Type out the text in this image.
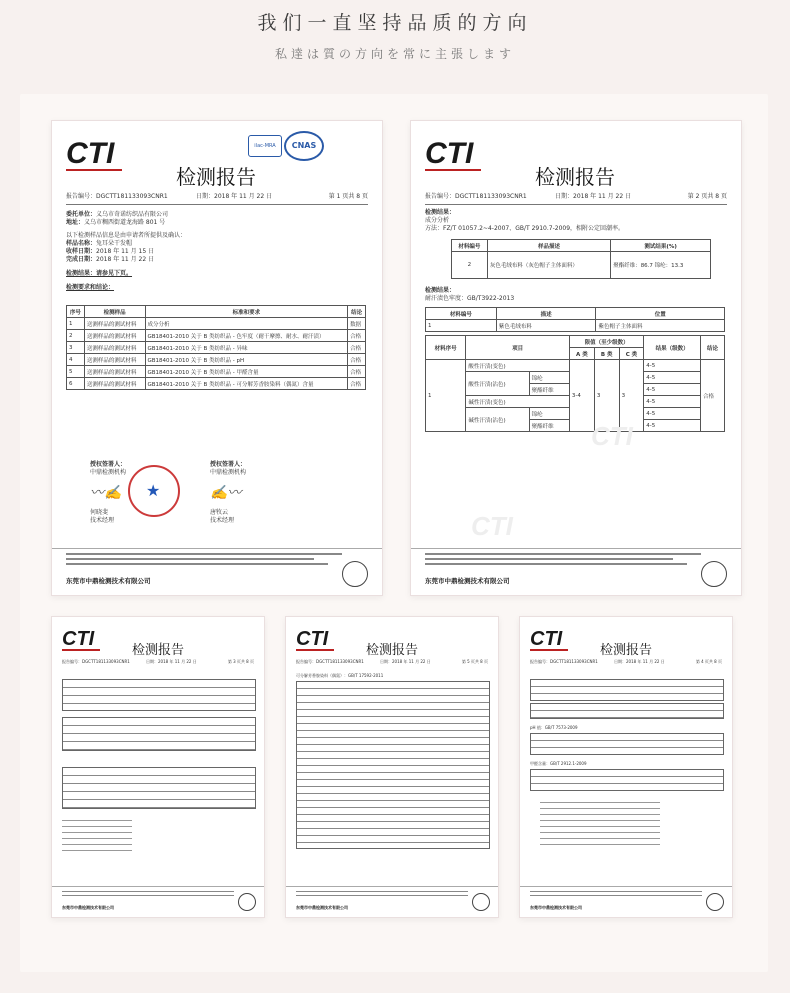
我们一直坚持品质的方向
私達は質の方向を常に主張します
CTI	ilac-MRA	CNAS
检测报告
报告编号：DGCTT181133093CNR1	日期：2018 年 11 月 22 日	第 1 页共 8 页
委托单位：义乌市奇诺纺织品有限公司
地址：义乌市稠西街道龙海路 801 号
以下检测样品信息是由申请者所提供及确认：
样品名称：兔耳朵干发帽
收样日期：2018 年 11 月 15 日
完成日期：2018 年 11 月 22 日
检测结果：请参见下页。
检测要求和结论：
序号	检测样品	标准和要求	结论
1	送测样品的测试材料	成分分析	数据
2	送测样品的测试材料	GB18401-2010 关于 B 类纺织品 - 色牢度（耐干摩擦、耐水、耐汗渍）	合格
3	送测样品的测试材料	GB18401-2010 关于 B 类纺织品 - 异味	合格
4	送测样品的测试材料	GB18401-2010 关于 B 类纺织品 - pH	合格
5	送测样品的测试材料	GB18401-2010 关于 B 类纺织品 - 甲醛含量	合格
6	送测样品的测试材料	GB18401-2010 关于 B 类纺织品 - 可分解芳香胺染料（偶氮）含量	合格
授权签署人：
中鼎检测机构
〰✍
何晓斐
技术经理
★
授权签署人：
中鼎检测机构
✍〰
唐牧云
技术经理
东莞市中鼎检测技术有限公司
CTI
检测报告
报告编号：DGCTT181133093CNR1	日期：2018 年 11 月 22 日	第 2 页共 8 页
检测结果：
成分分析
方法：FZ/T 01057.2~4-2007、GB/T 2910.7-2009，相附公定回潮率。
材料编号	样品描述	测试结果(%)
2	灰色毛绒布料（灰色帽子主体面料）	聚酯纤维：86.7 锦纶：13.3
检测结果：
耐汗渍色牢度：GB/T3922-2013
材料编号	描述	位置
1	紫色毛绒布料	紫色帽子主体面料
材料序号	项目		限值（至少级数）			结果（级数）	结论
			A 类	B 类	C 类		
1	酸性汗渍(变色)		3-4	3	3	4-5	合格
	酸性汗渍(沾色)	锦纶				4-5	
		聚酯纤维				4-5	
	碱性汗渍(变色)					4-5	
	碱性汗渍(沾色)	锦纶				4-5	
		聚酯纤维				4-5	
CTI
CTI
东莞市中鼎检测技术有限公司
CTI
检测报告
报告编号：DGCTT181133093CNR1	日期：2018 年 11 月 22 日	第 3 页共 8 页
东莞市中鼎检测技术有限公司
CTI
检测报告
报告编号：DGCTT181133093CNR1	日期：2018 年 11 月 22 日	第 5 页共 8 页
可分解芳香胺染料（偶氮）：GB/T 17592-2011
东莞市中鼎检测技术有限公司
CTI
检测报告
报告编号：DGCTT181133093CNR1	日期：2018 年 11 月 22 日	第 4 页共 8 页
pH 值：GB/T 7573-2009
甲醛含量：GB/T 2912.1-2009
东莞市中鼎检测技术有限公司
